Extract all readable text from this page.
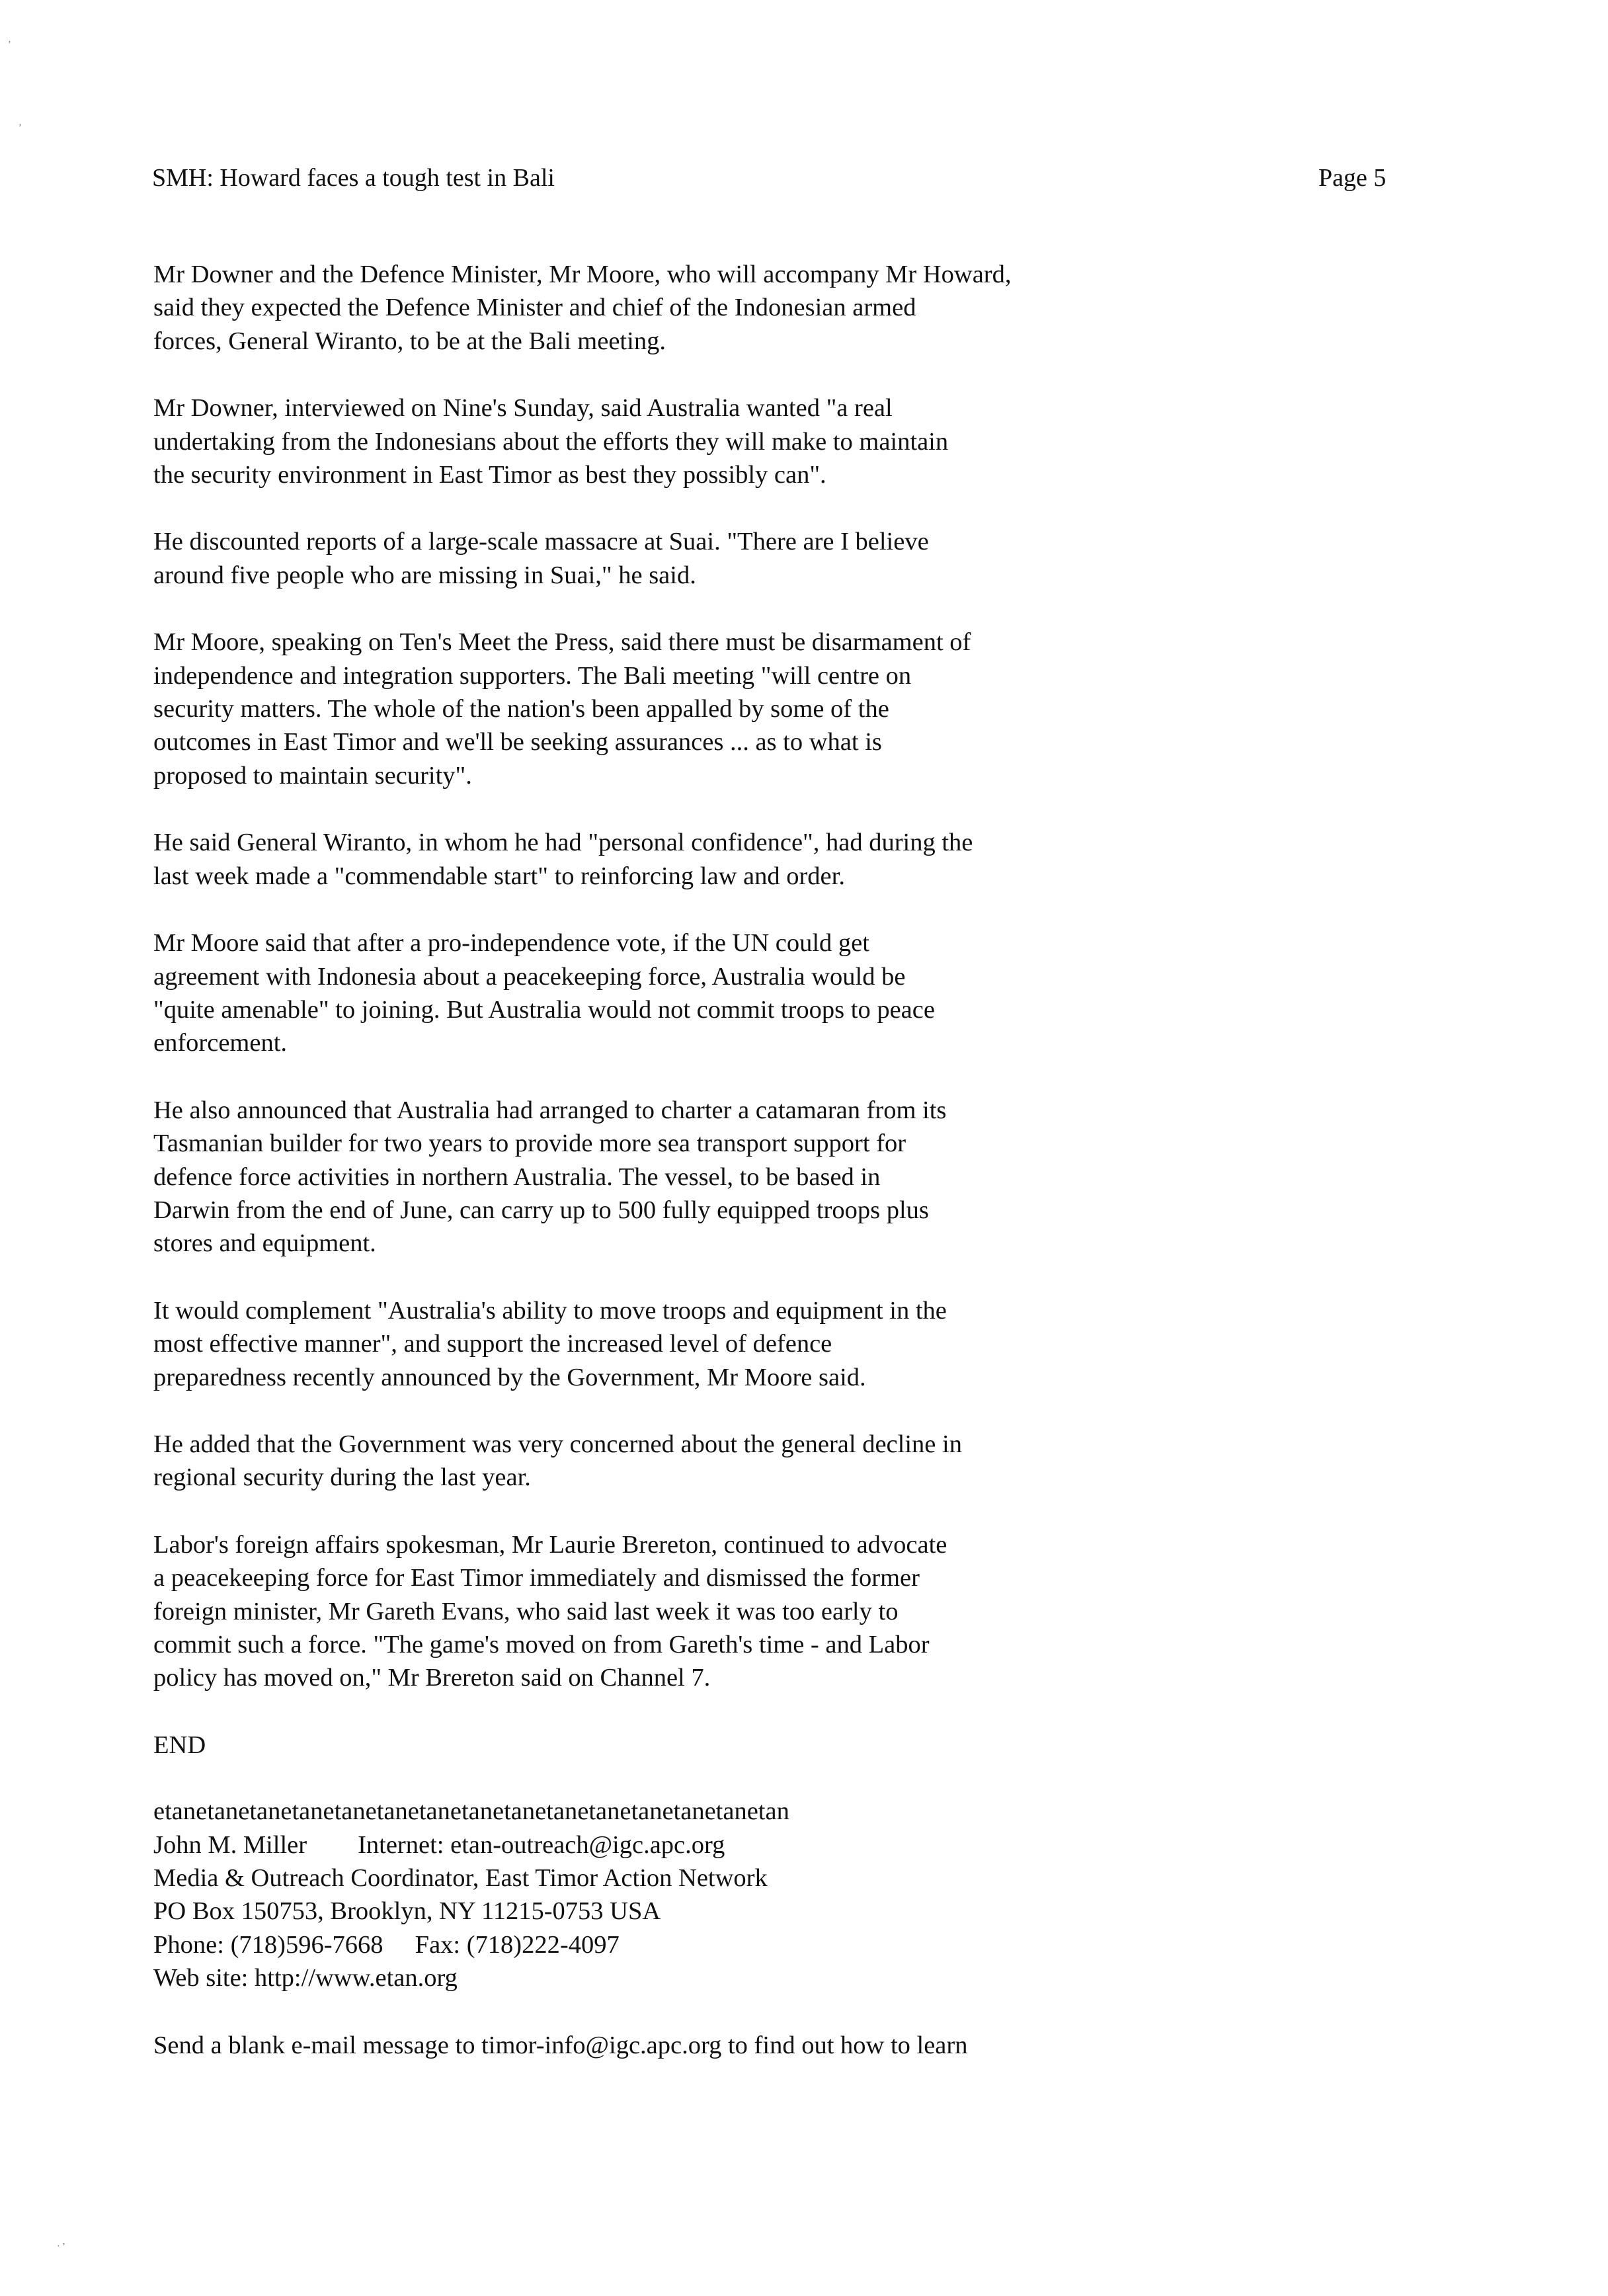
SMH: Howard faces a tough test in Bali	Page 5

Mr Downer and the Defence Minister, Mr Moore, who will accompany Mr Howard,
said they expected the Defence Minister and chief of the Indonesian armed
forces, General Wiranto, to be at the Bali meeting.

Mr Downer, interviewed on Nine's Sunday, said Australia wanted "a real
undertaking from the Indonesians about the efforts they will make to maintain
the security environment in East Timor as best they possibly can".

He discounted reports of a large-scale massacre at Suai. "There are I believe
around five people who are missing in Suai," he said.

Mr Moore, speaking on Ten's Meet the Press, said there must be disarmament of
independence and integration supporters. The Bali meeting "will centre on
security matters. The whole of the nation's been appalled by some of the
outcomes in East Timor and we'll be seeking assurances ... as to what is
proposed to maintain security".

He said General Wiranto, in whom he had "personal confidence", had during the
last week made a "commendable start" to reinforcing law and order.

Mr Moore said that after a pro-independence vote, if the UN could get
agreement with Indonesia about a peacekeeping force, Australia would be
"quite amenable" to joining. But Australia would not commit troops to peace
enforcement.

He also announced that Australia had arranged to charter a catamaran from its
Tasmanian builder for two years to provide more sea transport support for
defence force activities in northern Australia. The vessel, to be based in
Darwin from the end of June, can carry up to 500 fully equipped troops plus
stores and equipment.

It would complement "Australia's ability to move troops and equipment in the
most effective manner", and support the increased level of defence
preparedness recently announced by the Government, Mr Moore said.

He added that the Government was very concerned about the general decline in
regional security during the last year.

Labor's foreign affairs spokesman, Mr Laurie Brereton, continued to advocate
a peacekeeping force for East Timor immediately and dismissed the former
foreign minister, Mr Gareth Evans, who said last week it was too early to
commit such a force. "The game's moved on from Gareth's time - and Labor
policy has moved on," Mr Brereton said on Channel 7.

END

etanetanetanetanetanetanetanetanetanetanetanetanetanetanetan
John M. Miller        Internet: etan-outreach@igc.apc.org
Media & Outreach Coordinator, East Timor Action Network
PO Box 150753, Brooklyn, NY 11215-0753 USA
Phone: (718)596-7668     Fax: (718)222-4097
Web site: http://www.etan.org

Send a blank e-mail message to timor-info@igc.apc.org to find out how to learn

’
’
· ’
